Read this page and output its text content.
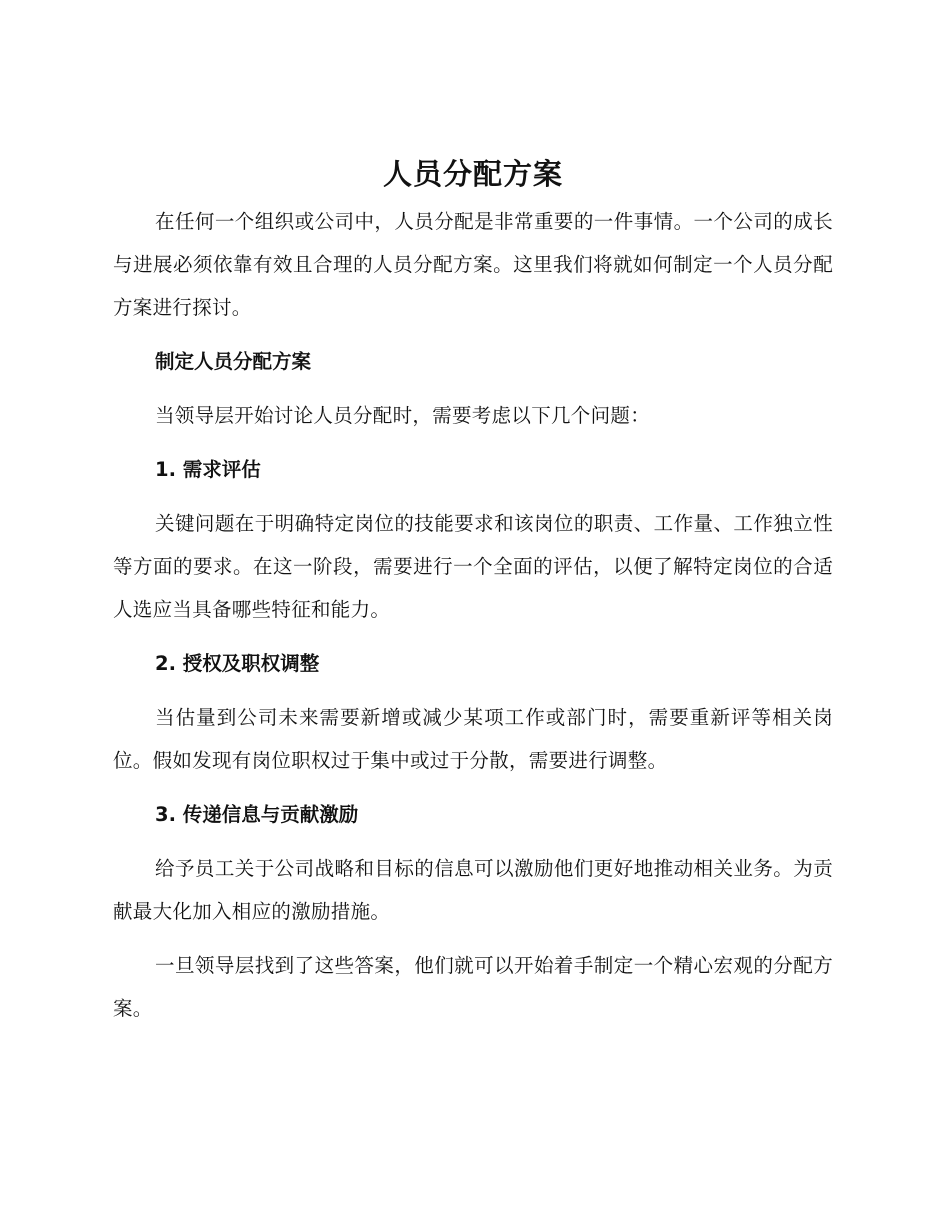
人员分配方案

在任何一个组织或公司中，人员分配是非常重要的一件事情。一个公司的成长与进展必须依靠有效且合理的人员分配方案。这里我们将就如何制定一个人员分配方案进行探讨。

制定人员分配方案

当领导层开始讨论人员分配时，需要考虑以下几个问题：

1. 需求评估

关键问题在于明确特定岗位的技能要求和该岗位的职责、工作量、工作独立性等方面的要求。在这一阶段，需要进行一个全面的评估，以便了解特定岗位的合适人选应当具备哪些特征和能力。

2. 授权及职权调整

当估量到公司未来需要新增或减少某项工作或部门时，需要重新评等相关岗位。假如发现有岗位职权过于集中或过于分散，需要进行调整。

3. 传递信息与贡献激励

给予员工关于公司战略和目标的信息可以激励他们更好地推动相关业务。为贡献最大化加入相应的激励措施。

一旦领导层找到了这些答案，他们就可以开始着手制定一个精心宏观的分配方案。
